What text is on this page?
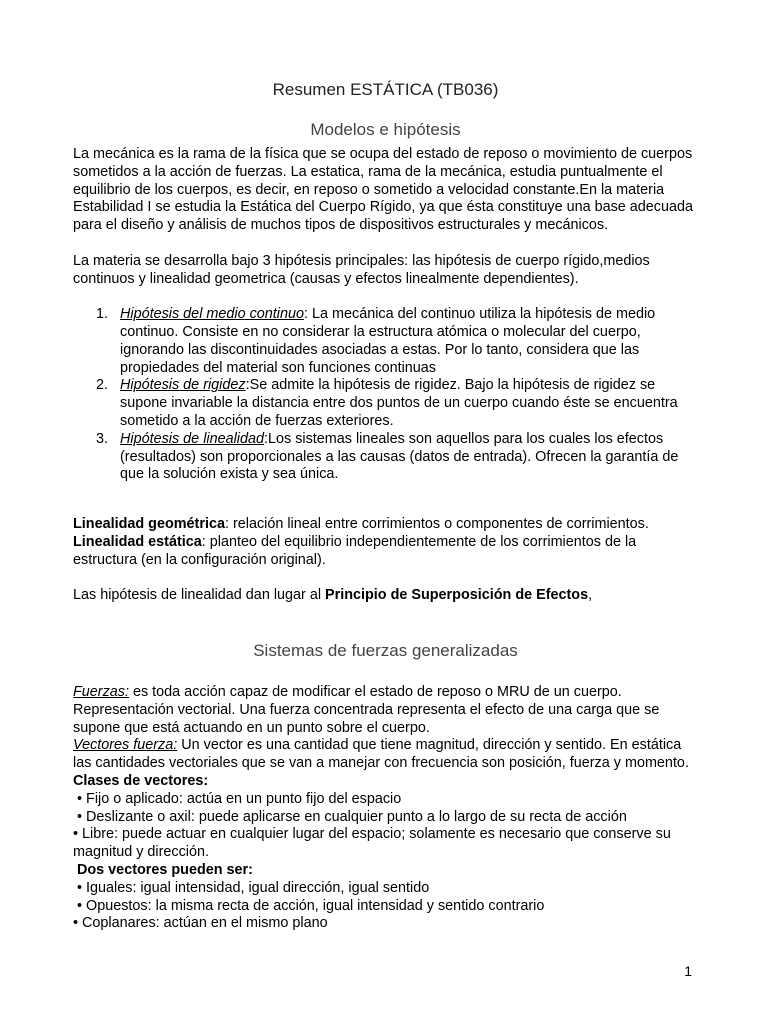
Resumen ESTÁTICA (TB036)
Modelos e hipótesis

La mecánica es la rama de la física que se ocupa del estado de reposo o movimiento de cuerpos sometidos a la acción de fuerzas. La estatica, rama de la mecánica, estudia puntualmente el equilibrio de los cuerpos, es decir, en reposo o sometido a velocidad constante.En la materia Estabilidad I se estudia la Estática del Cuerpo Rígido, ya que ésta constituye una base adecuada para el diseño y análisis de muchos tipos de dispositivos estructurales y mecánicos.

La materia se desarrolla bajo 3 hipótesis principales: las hipótesis de cuerpo rígido,medios continuos y linealidad geometrica (causas y efectos linealmente dependientes).

1. Hipótesis del medio continuo: La mecánica del continuo utiliza la hipótesis de medio continuo. Consiste en no considerar la estructura atómica o molecular del cuerpo, ignorando las discontinuidades asociadas a estas. Por lo tanto, considera que las propiedades del material son funciones continuas
2. Hipótesis de rigidez:Se admite la hipótesis de rigidez. Bajo la hipótesis de rigidez se supone invariable la distancia entre dos puntos de un cuerpo cuando éste se encuentra sometido a la acción de fuerzas exteriores.
3. Hipótesis de linealidad:Los sistemas lineales son aquellos para los cuales los efectos (resultados) son proporcionales a las causas (datos de entrada). Ofrecen la garantía de que la solución exista y sea única.

Linealidad geométrica: relación lineal entre corrimientos o componentes de corrimientos.

Linealidad estática: planteo del equilibrio independientemente de los corrimientos de la estructura (en la configuración original).

Las hipótesis de linealidad dan lugar al Principio de Superposición de Efectos,

Sistemas de fuerzas generalizadas

Fuerzas: es toda acción capaz de modificar el estado de reposo o MRU de un cuerpo. Representación vectorial. Una fuerza concentrada representa el efecto de una carga que se supone que está actuando en un punto sobre el cuerpo.

Vectores fuerza: Un vector es una cantidad que tiene magnitud, dirección y sentido. En estática las cantidades vectoriales que se van a manejar con frecuencia son posición, fuerza y momento.

Clases de vectores:

• Fijo o aplicado: actúa en un punto fijo del espacio

• Deslizante o axil: puede aplicarse en cualquier punto a lo largo de su recta de acción

• Libre: puede actuar en cualquier lugar del espacio; solamente es necesario que conserve su magnitud y dirección.

Dos vectores pueden ser:

• Iguales: igual intensidad, igual dirección, igual sentido

• Opuestos: la misma recta de acción, igual intensidad y sentido contrario

• Coplanares: actúan en el mismo plano

1
